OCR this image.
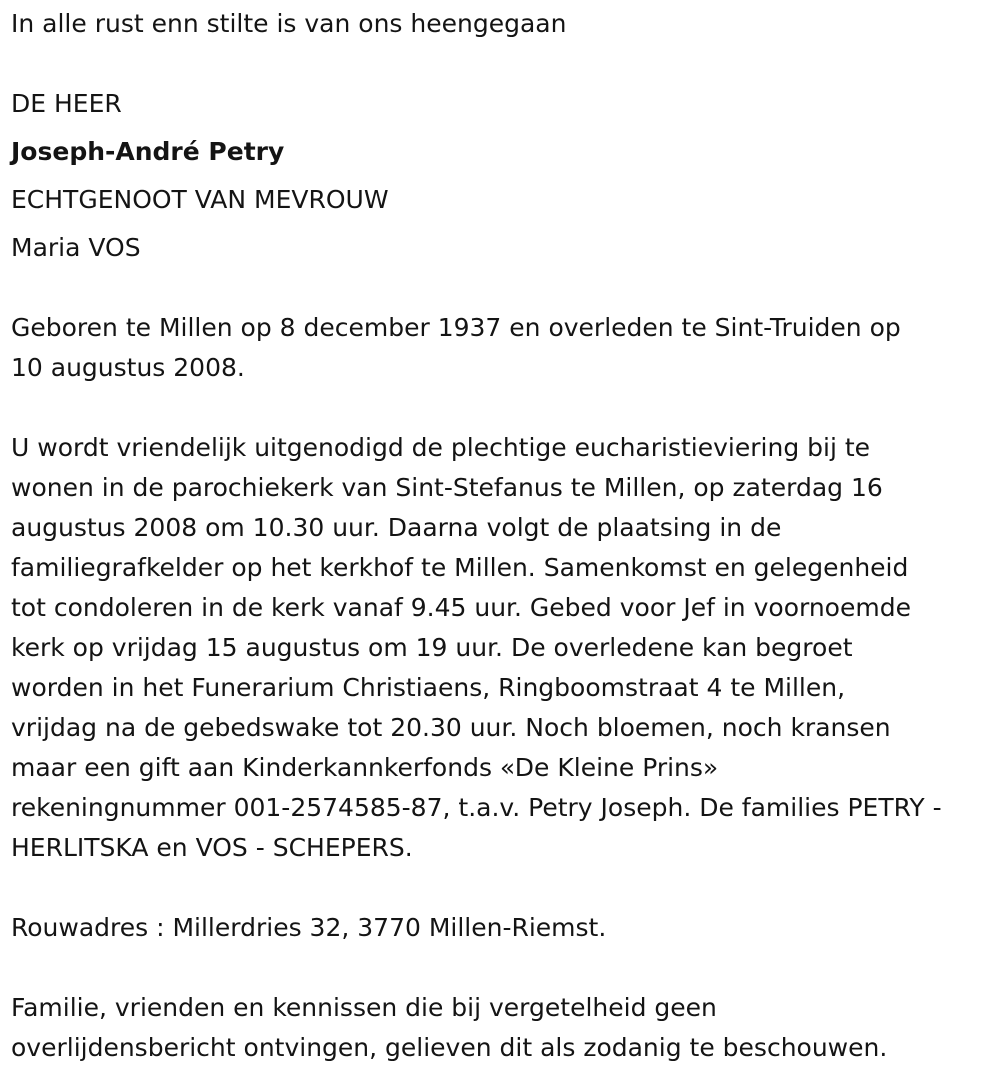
In alle rust enn stilte is van ons heengegaan

DE HEER

Joseph-André Petry

ECHTGENOOT VAN MEVROUW

Maria VOS

Geboren te Millen op 8 december 1937 en overleden te Sint-Truiden op
10 augustus 2008.
U wordt vriendelijk uitgenodigd de plechtige eucharistieviering bij te
wonen in de parochiekerk van Sint-Stefanus te Millen, op zaterdag 16
augustus 2008 om 10.30 uur. Daarna volgt de plaatsing in de
familiegrafkelder op het kerkhof te Millen. Samenkomst en gelegenheid
tot condoleren in de kerk vanaf 9.45 uur. Gebed voor Jef in voornoemde
kerk op vrijdag 15 augustus om 19 uur. De overledene kan begroet
worden in het Funerarium Christiaens, Ringboomstraat 4 te Millen,
vrijdag na de gebedswake tot 20.30 uur. Noch bloemen, noch kransen
maar een gift aan Kinderkannkerfonds «De Kleine Prins»
rekeningnummer 001-2574585-87, t.a.v. Petry Joseph. De families PETRY -
HERLITSKA en VOS - SCHEPERS.

Rouwadres : Millerdries 32, 3770 Millen-Riemst.

Familie, vrienden en kennissen die bij vergetelheid geen
overlijdensbericht ontvingen, gelieven dit als zodanig te beschouwen.
